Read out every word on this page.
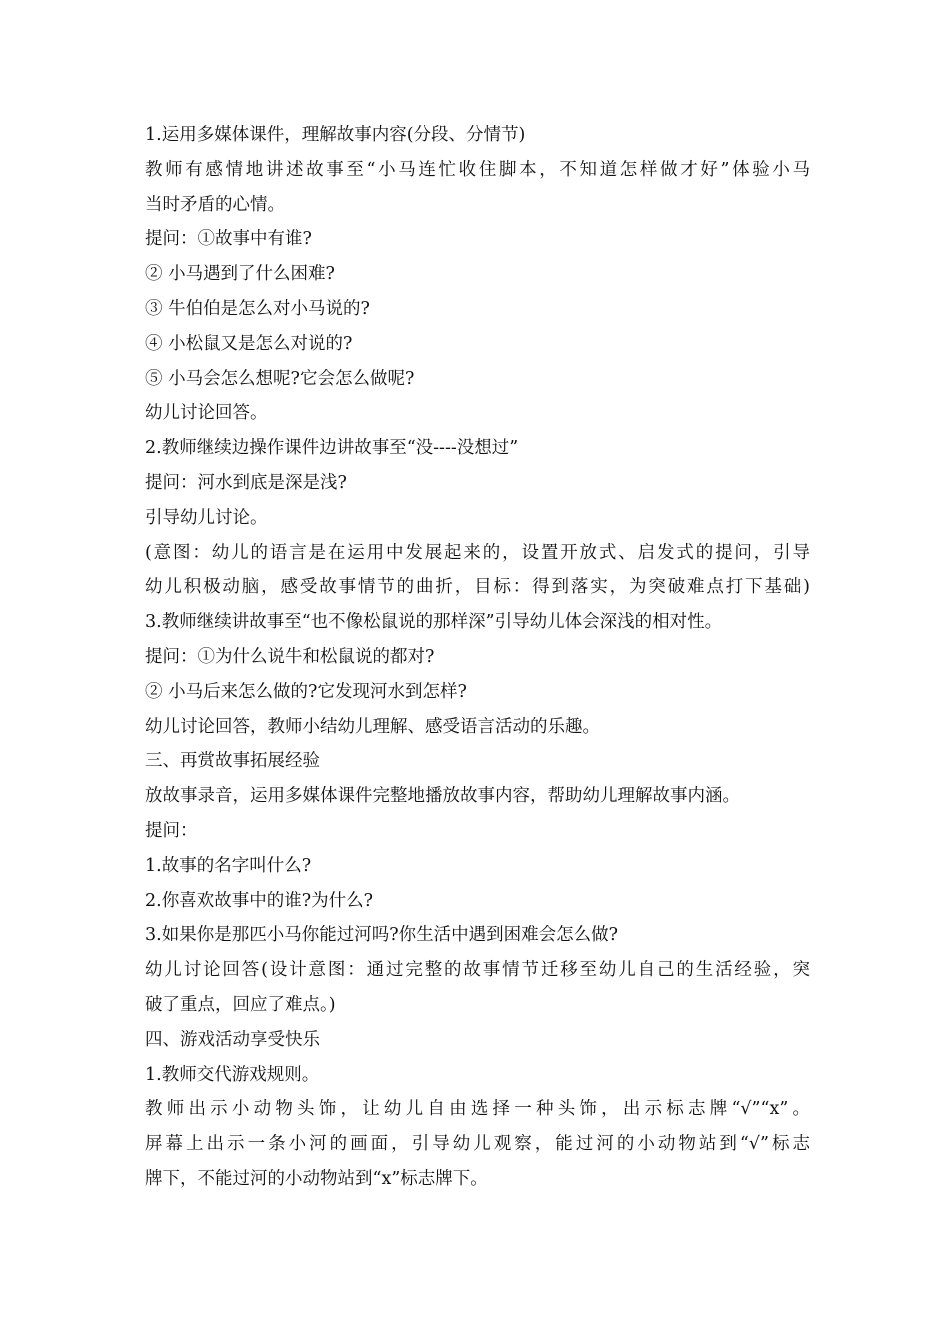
1.运用多媒体课件，理解故事内容(分段、分情节)
教师有感情地讲述故事至“小马连忙收住脚本，不知道怎样做才好”体验小马
当时矛盾的心情。
提问：①故事中有谁?
② 小马遇到了什么困难?
③ 牛伯伯是怎么对小马说的?
④ 小松鼠又是怎么对说的?
⑤ 小马会怎么想呢?它会怎么做呢?
幼儿讨论回答。
2.教师继续边操作课件边讲故事至“没----没想过”
提问：河水到底是深是浅?
引导幼儿讨论。
(意图：幼儿的语言是在运用中发展起来的，设置开放式、启发式的提问，引导
幼儿积极动脑，感受故事情节的曲折，目标：得到落实，为突破难点打下基础)
3.教师继续讲故事至“也不像松鼠说的那样深”引导幼儿体会深浅的相对性。
提问：①为什么说牛和松鼠说的都对?
② 小马后来怎么做的?它发现河水到怎样?
幼儿讨论回答，教师小结幼儿理解、感受语言活动的乐趣。
三、再赏故事拓展经验
放故事录音，运用多媒体课件完整地播放故事内容，帮助幼儿理解故事内涵。
提问：
1.故事的名字叫什么?
2.你喜欢故事中的谁?为什么?
3.如果你是那匹小马你能过河吗?你生活中遇到困难会怎么做?
幼儿讨论回答(设计意图：通过完整的故事情节迁移至幼儿自己的生活经验，突
破了重点，回应了难点。)
四、游戏活动享受快乐
1.教师交代游戏规则。
教师出示小动物头饰，让幼儿自由选择一种头饰，出示标志牌“√”“x”。
屏幕上出示一条小河的画面，引导幼儿观察，能过河的小动物站到“√”标志
牌下，不能过河的小动物站到“x”标志牌下。
